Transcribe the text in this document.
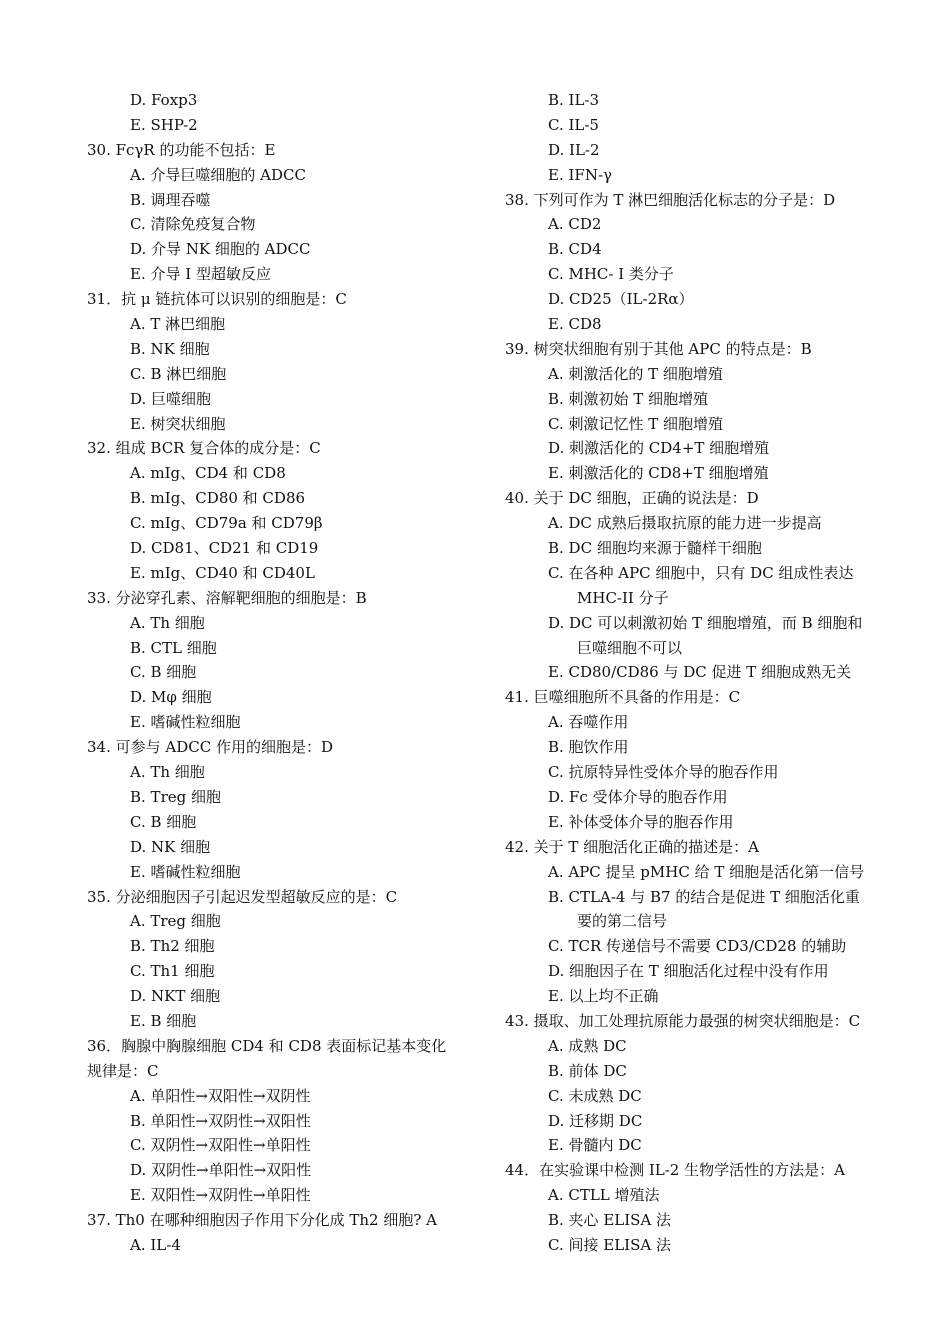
D. Foxp3
E. SHP-2
30. FcγR 的功能不包括：E
A. 介导巨噬细胞的 ADCC
B. 调理吞噬
C. 清除免疫复合物
D. 介导 NK 细胞的 ADCC
E. 介导 I 型超敏反应
31．抗 μ 链抗体可以识别的细胞是：C
A. T 淋巴细胞
B. NK 细胞
C. B 淋巴细胞
D. 巨噬细胞
E. 树突状细胞
32. 组成 BCR 复合体的成分是：C
A. mIg、CD4 和 CD8
B. mIg、CD80 和 CD86
C. mIg、CD79a 和 CD79β
D. CD81、CD21 和 CD19
E. mIg、CD40 和 CD40L
33. 分泌穿孔素、溶解靶细胞的细胞是：B
A. Th 细胞
B. CTL 细胞
C. B 细胞
D. Mφ 细胞
E. 嗜碱性粒细胞
34. 可参与 ADCC 作用的细胞是：D
A. Th 细胞
B. Treg 细胞
C. B 细胞
D. NK 细胞
E. 嗜碱性粒细胞
35. 分泌细胞因子引起迟发型超敏反应的是：C
A. Treg 细胞
B. Th2 细胞
C. Th1 细胞
D. NKT 细胞
E. B 细胞
36．胸腺中胸腺细胞 CD4 和 CD8 表面标记基本变化
规律是：C
A. 单阳性→双阳性→双阴性
B. 单阳性→双阴性→双阳性
C. 双阴性→双阳性→单阳性
D. 双阴性→单阳性→双阳性
E. 双阳性→双阴性→单阳性
37. Th0 在哪种细胞因子作用下分化成 Th2 细胞? A
A. IL-4
B. IL-3
C. IL-5
D. IL-2
E. IFN-γ
38. 下列可作为 T 淋巴细胞活化标志的分子是：D
A. CD2
B. CD4
C. MHC- I 类分子
D. CD25（IL-2Rα）
E. CD8
39. 树突状细胞有别于其他 APC 的特点是：B
A. 刺激活化的 T 细胞增殖
B. 刺激初始 T 细胞增殖
C. 刺激记忆性 T 细胞增殖
D. 刺激活化的 CD4+T 细胞增殖
E. 刺激活化的 CD8+T 细胞增殖
40. 关于 DC 细胞，正确的说法是：D
A. DC 成熟后摄取抗原的能力进一步提高
B. DC 细胞均来源于髓样干细胞
C. 在各种 APC 细胞中，只有 DC 组成性表达
MHC-II 分子
D. DC 可以刺激初始 T 细胞增殖，而 B 细胞和
巨噬细胞不可以
E. CD80/CD86 与 DC 促进 T 细胞成熟无关
41. 巨噬细胞所不具备的作用是：C
A. 吞噬作用
B. 胞饮作用
C. 抗原特异性受体介导的胞吞作用
D. Fc 受体介导的胞吞作用
E. 补体受体介导的胞吞作用
42. 关于 T 细胞活化正确的描述是：A
A. APC 提呈 pMHC 给 T 细胞是活化第一信号
B. CTLA-4 与 B7 的结合是促进 T 细胞活化重
要的第二信号
C. TCR 传递信号不需要 CD3/CD28 的辅助
D. 细胞因子在 T 细胞活化过程中没有作用
E. 以上均不正确
43. 摄取、加工处理抗原能力最强的树突状细胞是：C
A. 成熟 DC
B. 前体 DC
C. 未成熟 DC
D. 迁移期 DC
E. 骨髓内 DC
44．在实验课中检测 IL-2 生物学活性的方法是：A
A. CTLL 增殖法
B. 夹心 ELISA 法
C. 间接 ELISA 法
